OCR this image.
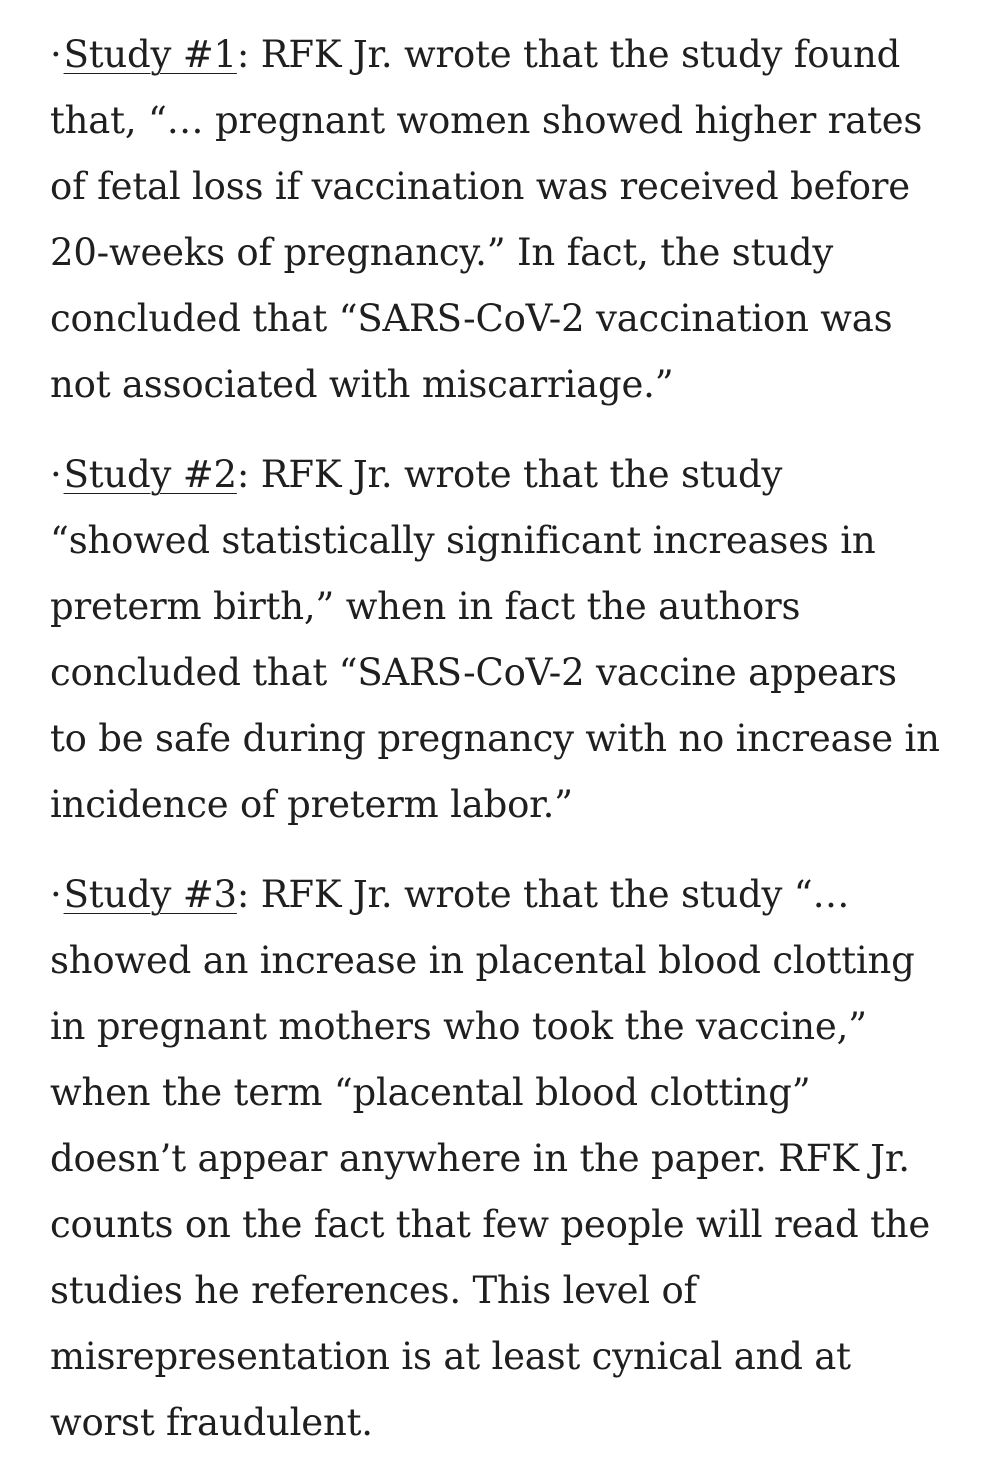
·Study #1: RFK Jr. wrote that the study found that, “… pregnant women showed higher rates of fetal loss if vaccination was received before 20-weeks of pregnancy.” In fact, the study concluded that “SARS-CoV-2 vaccination was not associated with miscarriage.”

·Study #2: RFK Jr. wrote that the study “showed statistically significant increases in preterm birth,” when in fact the authors concluded that “SARS-CoV-2 vaccine appears to be safe during pregnancy with no increase in incidence of preterm labor.”

·Study #3: RFK Jr. wrote that the study “… showed an increase in placental blood clotting in pregnant mothers who took the vaccine,” when the term “placental blood clotting” doesn’t appear anywhere in the paper. RFK Jr. counts on the fact that few people will read the studies he references. This level of misrepresentation is at least cynical and at worst fraudulent.
